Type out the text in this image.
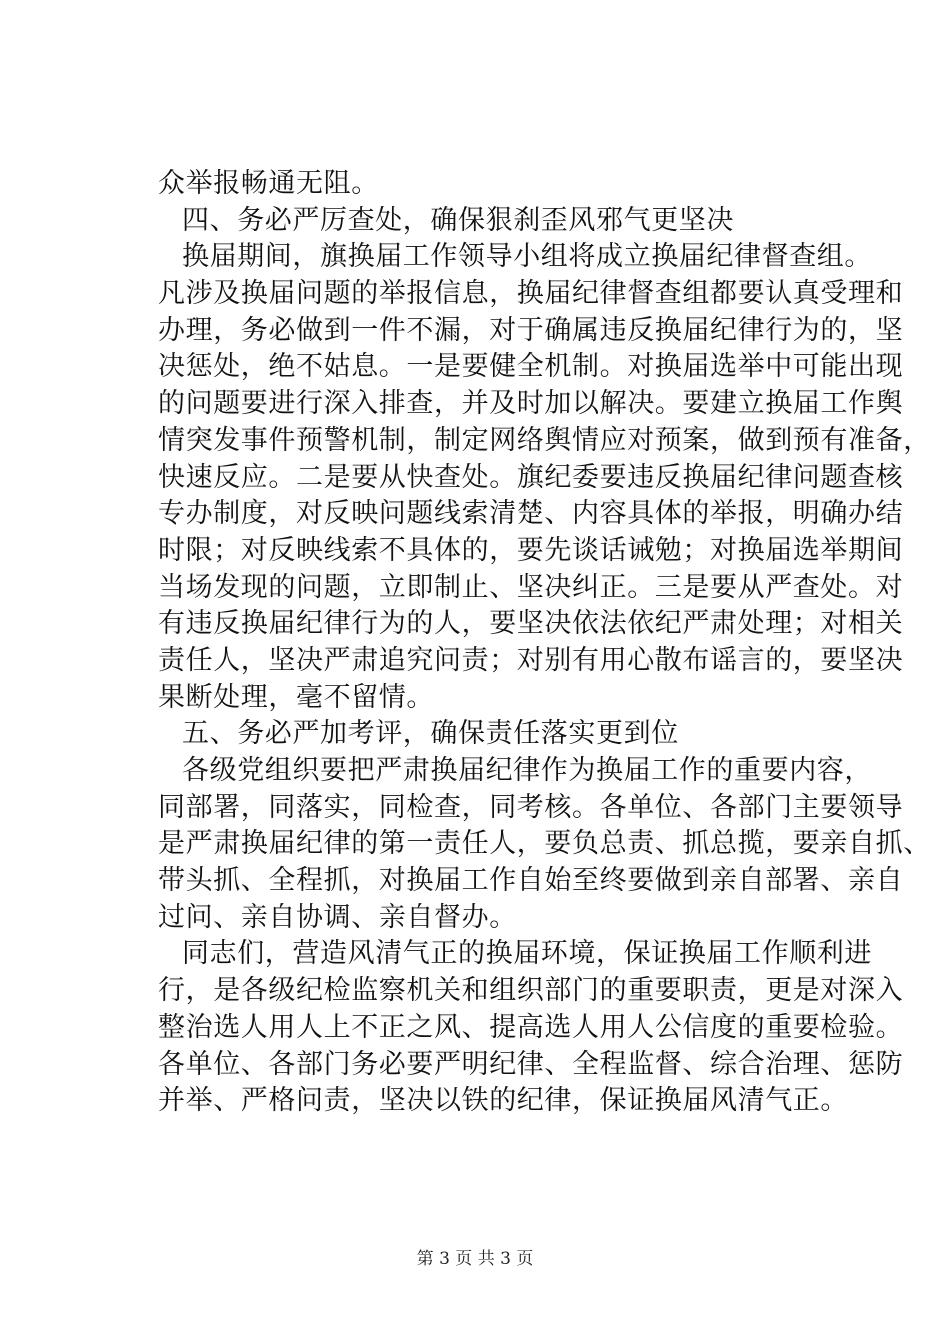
众举报畅通无阻。
四、务必严厉查处，确保狠刹歪风邪气更坚决
换届期间，旗换届工作领导小组将成立换届纪律督查组。
凡涉及换届问题的举报信息，换届纪律督查组都要认真受理和
办理，务必做到一件不漏，对于确属违反换届纪律行为的，坚
决惩处，绝不姑息。一是要健全机制。对换届选举中可能出现
的问题要进行深入排查，并及时加以解决。要建立换届工作舆
情突发事件预警机制，制定网络舆情应对预案，做到预有准备，
快速反应。二是要从快查处。旗纪委要违反换届纪律问题查核
专办制度，对反映问题线索清楚、内容具体的举报，明确办结
时限；对反映线索不具体的，要先谈话诫勉；对换届选举期间
当场发现的问题，立即制止、坚决纠正。三是要从严查处。对
有违反换届纪律行为的人，要坚决依法依纪严肃处理；对相关
责任人，坚决严肃追究问责；对别有用心散布谣言的，要坚决
果断处理，毫不留情。
五、务必严加考评，确保责任落实更到位
各级党组织要把严肃换届纪律作为换届工作的重要内容，
同部署，同落实，同检查，同考核。各单位、各部门主要领导
是严肃换届纪律的第一责任人，要负总责、抓总揽，要亲自抓、
带头抓、全程抓，对换届工作自始至终要做到亲自部署、亲自
过问、亲自协调、亲自督办。
同志们，营造风清气正的换届环境，保证换届工作顺利进
行，是各级纪检监察机关和组织部门的重要职责，更是对深入
整治选人用人上不正之风、提高选人用人公信度的重要检验。
各单位、各部门务必要严明纪律、全程监督、综合治理、惩防
并举、严格问责，坚决以铁的纪律，保证换届风清气正。
第 3 页 共 3 页
